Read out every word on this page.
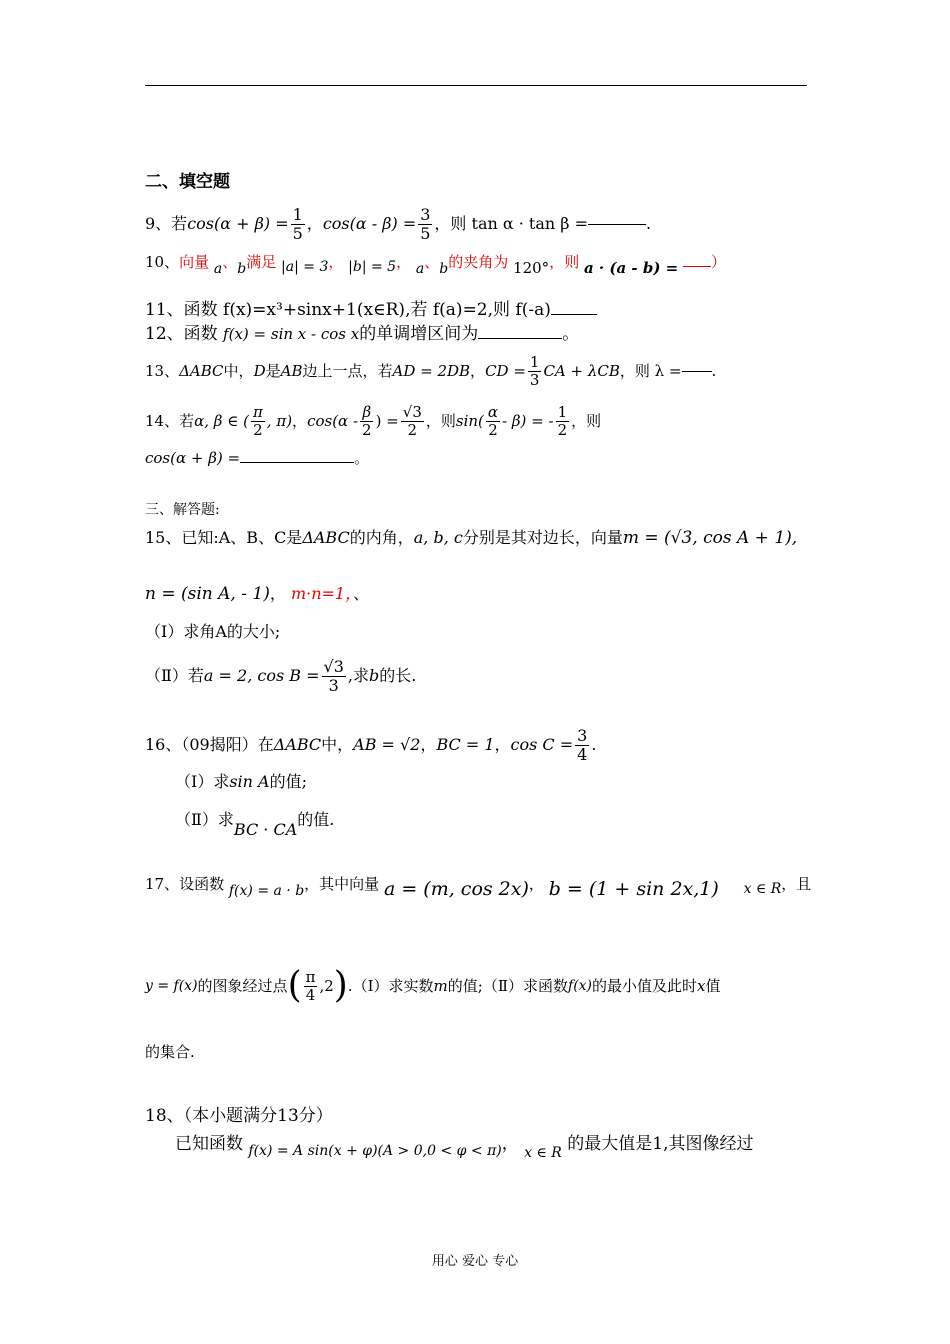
二、填空题
9、若 $\cos(\alpha + \beta) = \frac{1}{5}$ ， $\cos(\alpha - \beta) = \frac{3}{5}$ ，则 tan α · tan β =	.
10、向量 a、b满足 |a| = 3， |b| = 5， a、b的夹角为 120°，则 a · (a - b) = ）
11、函数 f(x)=x³+sinx+1(x∈R),若 f(a)=2,则 f(-a)
12、函数 f(x) = sin x - cos x的单调增区间为	。
13、 ΔABC 中， D 是 AB 边上一点，若 AD = 2DB ， CD = $\frac{1}{3}$ CA + λCB ，则 λ = .
14、若 α, β ∈ ( $\frac{\pi}{2}$ , π) ， $\cos(\alpha - \frac{\beta}{2}$ ) = $\frac{√3}{2}$ ，则 $\sin( \frac{\alpha}{2} - \beta)$ = - $\frac{1}{2}$ ，则
cos(α + β) =	。
三、解答题:
15、已知:A、B、C是ΔABC的内角，a, b, c分别是其对边长，向量m = (√3, cos A + 1),
n = (sin A, - 1)， m·n=1，、
（Ⅰ）求角A的大小;
（Ⅱ）若 a = 2, $\cos B = \frac{√3}{3}$ , 求 b 的长.
16、（09揭阳）在 ΔABC 中， AB = √2 ， BC = 1 ， $\cos C = \frac{3}{4}$ .
（Ⅰ）求sin A的值;
（Ⅱ）求BC · CA的值.
17、设函数 f(x) = a · b，其中向量 a = (m, cos 2x)， b = (1 + sin 2x,1) x ∈ R，且
y = f(x) 的图象经过点 ( $\frac{\pi}{4} ,2$ ) .（Ⅰ）求实数 m 的值;（Ⅱ）求函数 f(x) 的最小值及此时 x 值
的集合.
18、（本小题满分13分）
已知函数 $_{f(x) = A sin(x + \varphi)(A > 0,0 < \varphi < \pi)}$， $_{x \in R}$ 的最大值是1,其图像经过
用心 爱心 专心
